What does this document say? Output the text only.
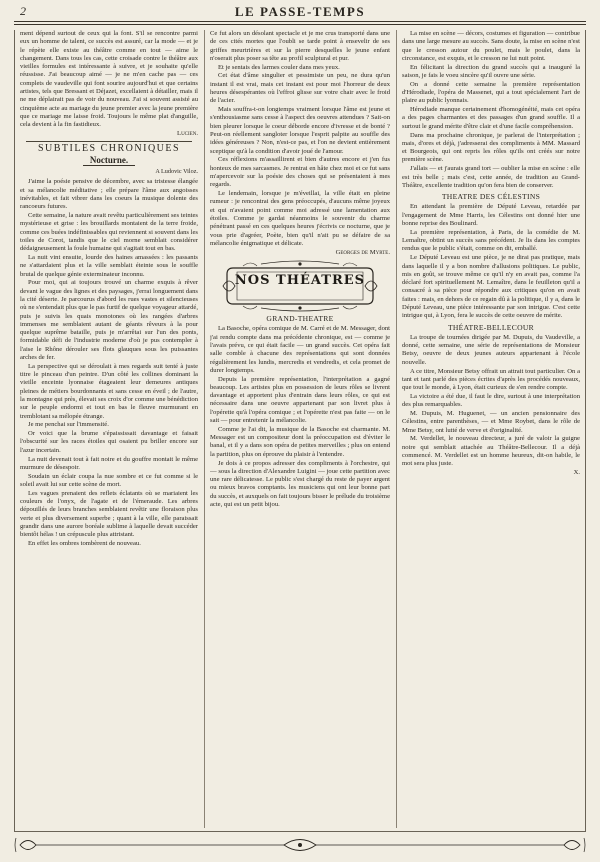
2	LE PASSE-TEMPS

ment dépend surtout de ceux qui la font. S'il se rencontre parmi eux un homme de talent, ce succès est assuré, car la mode — et je le répète elle existe au théâtre comme en tout — aime le changement. Dans tous les cas, cette croisade contre le théâtre aux vieilles formules est intéressante à suivre, et je souhaite qu'elle réussisse. J'ai beaucoup aimé — je ne m'en cache pas — ces complets de vaudeville qui font sourire aujourd'hui et que certains artistes, tels que Bressant et Déjazet, excellaient à détailler, mais il ne me déplairait pas de voir du nouveau. J'ai si souvent assisté au cinquième acte au mariage du jeune premier avec la jeune première que ce mariage me laisse froid. Toujours le même plat d'anguille, cela devient à la fin fastidieux.

Lucien.
SUBTILES CHRONIQUES
Nocturne.
A Ludovic Viloz.

J'aime la poésie pensive de décembre, avec sa tristesse élangée et sa mélancolie méditative ; elle prépare l'âme aux angoisses inévitables, et fait vibrer dans les coeurs la musique dolente des rancoeurs futures.

Cette semaine, la nature avait revêtu particulièrement ses teintes mystérieuse et grise : les brouillards montaient de la terre froide, comme ces buées indéfinissables qui reviennent si souvent dans les toiles de Corot, tandis que le ciel morne semblait considérer dédaigneusement la foule humaine qui s'agitait tout en bas.

La nuit vint ensuite, lourde des haines amassées : les passants ne s'attardaient plus et la ville semblait éteinte sous le souffle brutal de quelque génie exterminateur inconnu.

Pour moi, qui ai toujours trouvé un charme exquis à rêver devant le vague des lignes et des paysages, j'errai longuement dans la cité déserte. Je parcourus d'abord les rues vastes et silencieuses où ne s'entendait plus que le pas furtif de quelque voyageur attardé, puis je suivis les quais monotones où les rangées d'arbres immenses me semblaient autant de géants rêveurs à la pour quelque suprême bataille, puis je m'arrêtai sur l'un des ponts, formidable défi de l'industrie moderne d'où je pus contempler à l'aise le Rhône dérouler ses flots glauques sous les puissantes arches de fer.

La perspective qui se déroulait à mes regards suit tenté à juste titre le pinceau d'un peintre. D'un côté les collines dominant la vieille enceinte lyonnaise étageaient leur demeures antiques pleines de métiers bourdonnants et sans cesse en éveil ; de l'autre, la montagne qui près, élevait ses croix d'or comme une bénédiction sur le peuple endormi et tout en bas le fleuve murmurant en tremblotant sa mélopée étrange.

Je me penchai sur l'immensité.

Or voici que la brume s'épaississait davantage et faisait l'obscurité sur les races étoiles qui osaient pu briller encore sur l'azur incertain.

La nuit devenait tout à fait noire et du gouffre montait le même murmure de désespoir.

Soudain un éclair coupa la nue sombre et ce fut comme si le soleil avait lui sur cette scène de mort.

Les vagues prenaient des reflets éclatants où se mariaient les couleurs de l'onyx, de l'agate et de l'émeraude. Les arbres dépouillés de leurs branches semblaient revêtir une floraison plus verte et plus diversement superbe ; quant à la ville, elle paraissait grandir dans une aurore boréale sublime à laquelle devait succéder bientôt hélas ! un crépuscule plus attristant.

En effet les ombres tombèrent de nouveau.

Ce fut alors un désolant spectacle et je me crus transporté dans une de ces cités mortes que l'oubli se tarde point à ensevelir de ses griffes meurtrières et sur la pierre desquelles le jeune enfant n'oserait plus poser sa tête au profil sculptural et pur.

Et je sentais des larmes couler dans mes yeux.

Cet état d'âme singulier et pessimiste un peu, ne dura qu'un instant il est vrai, mais cet instant est pour moi l'horreur de deux heures désespérantes où l'effroi glisse sur votre chair avec le froid de l'acier.

Mais souffra-t-on longtemps vraiment lorsque l'âme est jeune et s'enthousiasme sans cesse à l'aspect des oeuvres attendues ? Sait-on bien pleurer lorsque le coeur déborde encore d'ivresse et de bonté ? Peut-on réellement sangloter lorsque l'esprit palpite au souffle des idées généreuses ? Non, n'est-ce pas, et l'on ne devient entièrement sceptique qu'à la condition d'avoir joué de l'amour.

Ces réflexions m'assaillirent et bien d'autres encore et j'en fus honteux de mes sarcasmes. Je rentrai en hâte chez moi et ce fut sans m'apercevoir sur la poésie des choses qui se présentaient à mes regards.

Le lendemain, lorsque je m'éveillai, la ville était en pleine rumeur : je rencontrai des gens préoccupés, d'aucuns même joyeux et qui n'avaient point comme moi adressé une lamentation aux étoiles. Comme je gardai néanmoins le souvenir du charme pénétrant passé en ces quelques heures j'écrivis ce nocturne, que je vous prie d'agréer, Poète, bien qu'il n'ait pu se défaire de sa mélancolie énigmatique et délicate.

Georges de Myrte.
NOS THÉATRES
GRAND-THEATRE

La Basoche, opéra comique de M. Carré et de M. Messager, dont j'ai rendu compte dans ma précédente chronique, est — comme je l'avais prévu, ce qui était facile — un grand succès. Cet opéra fait salle comble à chacune des représentations qui sont données régulièrement les lundis, mercredis et vendredis, et cela promet de durer longtemps.

Depuis la première représentation, l'interprétation a gagné beaucoup. Les artistes plus en possession de leurs rôles se livrent davantage et apportent plus d'entrain dans leurs rôles, ce qui est nécessaire dans une oeuvre appartenant par son livret plus à l'opérette qu'à l'opéra comique ; et l'opérette n'est pas faite — on le sait — pour entretenir la mélancolie.

Comme je l'ai dit, la musique de la Basoche est charmante. M. Messager est un compositeur dont la préoccupation est d'éviter le banal, et il y a dans son opéra de petites merveilles ; plus on entend la partition, plus on éprouve du plaisir à l'entendre.

Je dois à ce propos adresser des compliments à l'orchestre, qui — sous la direction d'Alexandre Luigini — joue cette partition avec une rare délicatesse. Le public s'est chargé du reste de payer argent ou mieux bravos comptants. les musiciens qui ont leur bonne part du succès, et auxquels on fait toujours bisser le prélude du troisième acte, qui est un petit bijou.

La mise en scène — décors, costumes et figuration — contribue dans une large mesure au succès. Sans doute, la mise en scène n'est que le cresson autour du poulet, mais le poulet, dans la circonstance, est exquis, et le cresson ne lui nuit point.

En félicitant la direction du grand succès qui a inauguré la saison, je fais le voeu sincère qu'il ouvre une série.

On a donné cette semaine la première représentation d'Hérodiade, l'opéra de Massenet, qui a tout spécialement l'art de plaire au public lyonnais.

Hérodiade manque certainement d'homogénéité, mais cet opéra a des pages charmantes et des passages d'un grand souffle. Il a surtout le grand mérite d'être clair et d'une facile compréhension.

Dans ma prochaine chronique, je parlerai de l'interprétation ; mais, d'ores et déjà, j'adresserai des compliments à MM. Massard et Bourgeois, qui ont repris les rôles qu'ils ont créés sur notre première scène.

J'allais — et j'aurais grand tort — oublier la mise en scène : elle est très belle ; mais c'est, cette année, de tradition au Grand-Théâtre, excellente tradition qu'on fera bien de conserver.

THEATRE DES CÉLESTINS

En attendant la première de Député Leveau, retardée par l'engagement de Mme Harris, les Célestins ont donné hier une bonne reprise des Boulinard.

La première représentation, à Paris, de la comédie de M. Lemaître, obtint un succès sans précédent. Je lis dans les comptes rendus que le public s'était, comme on dit, emballé.

Le Député Leveau est une pièce, je ne dirai pas pratique, mais dans laquelle il y a bon nombre d'allusions politiques. Le public, mis en goût, se trouve même ce qu'il n'y en avait pas, comme l'a déclaré fort spirituellement M. Lemaître, dans le feuilleton qu'il a consacré à sa pièce pour répondre aux critiques qu'on en avait faites : mais, en dehors de ce regain dû à la politique, il y a, dans le Député Leveau, une pièce intéressante par son intrigue. C'est cette intrigue qui, à Lyon, fera le succès de cette oeuvre de mérite.

THÉATRE-BELLECOUR

La troupe de tournées dirigée par M. Dupuis, du Vaudeville, a donné, cette semaine, une série de représentations de Monsieur Betsy, oeuvre de deux jeunes auteurs appartenant à l'école nouvelle.

A ce titre, Monsieur Betsy offrait un attrait tout particulier. On a tant et tant parlé des pièces écrites d'après les procédés nouveaux, que tout le monde, à Lyon, était curieux de s'en rendre compte.

La victoire a été due, il faut le dire, surtout à une interprétation des plus remarquables.

M. Dupuis, M. Huguenet, — un ancien pensionnaire des Célestins, entre parenthèses, — et Mme Roybet, dans le rôle de Mme Betsy, ont lutté de verve et d'originalité.

M. Verdellet, le nouveau directeur, a juré de valoir la guigne noire qui semblait attachée au Théâtre-Bellecour. Il a déjà commencé. M. Verdellet est un homme heureux, dit-on habile, le mot sera plus juste.

X.
